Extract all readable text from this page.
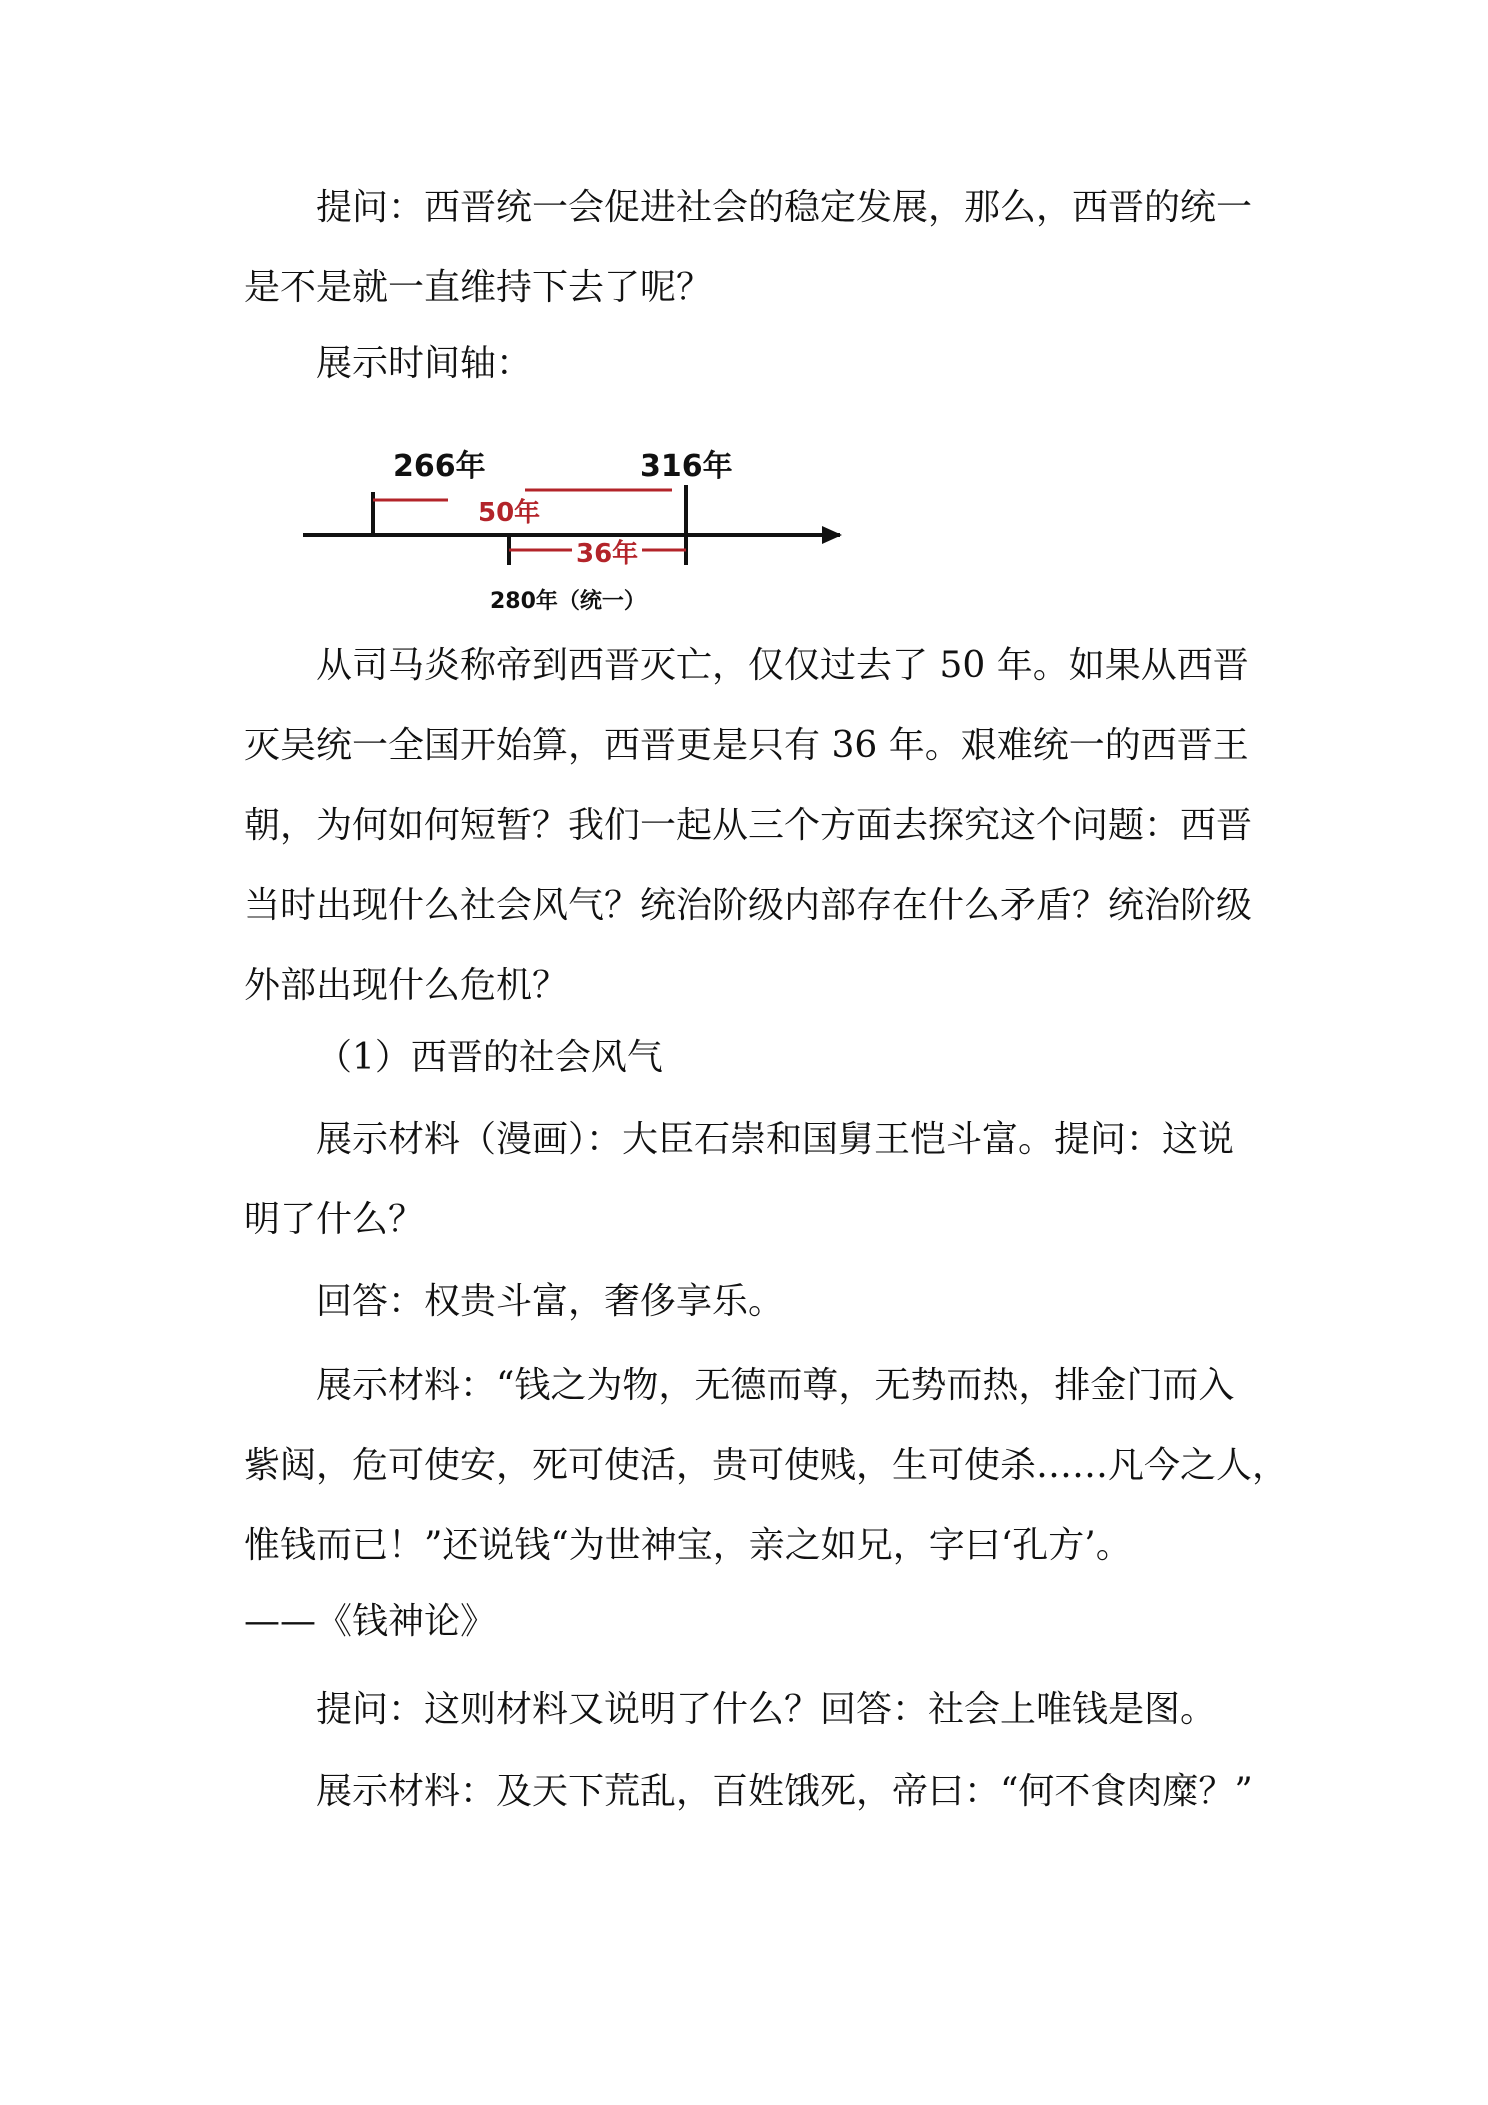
提问：西晋统一会促进社会的稳定发展，那么，西晋的统一
是不是就一直维持下去了呢？
展示时间轴：
266年	316年
50年
36年
280年（统一）
从司马炎称帝到西晋灭亡，仅仅过去了 50 年。如果从西晋
灭吴统一全国开始算，西晋更是只有 36 年。艰难统一的西晋王
朝，为何如何短暂？我们一起从三个方面去探究这个问题：西晋
当时出现什么社会风气？统治阶级内部存在什么矛盾？统治阶级
外部出现什么危机？
（1）西晋的社会风气
展示材料（漫画）：大臣石崇和国舅王恺斗富。提问：这说
明了什么？
回答：权贵斗富，奢侈享乐。
展示材料：“钱之为物，无德而尊，无势而热，排金门而入
紫闼，危可使安，死可使活，贵可使贱，生可使杀……凡今之人，
惟钱而已！”还说钱“为世神宝，亲之如兄，字曰‘孔方’。
——《钱神论》
提问：这则材料又说明了什么？回答：社会上唯钱是图。
展示材料：及天下荒乱，百姓饿死，帝曰：“何不食肉糜？”
